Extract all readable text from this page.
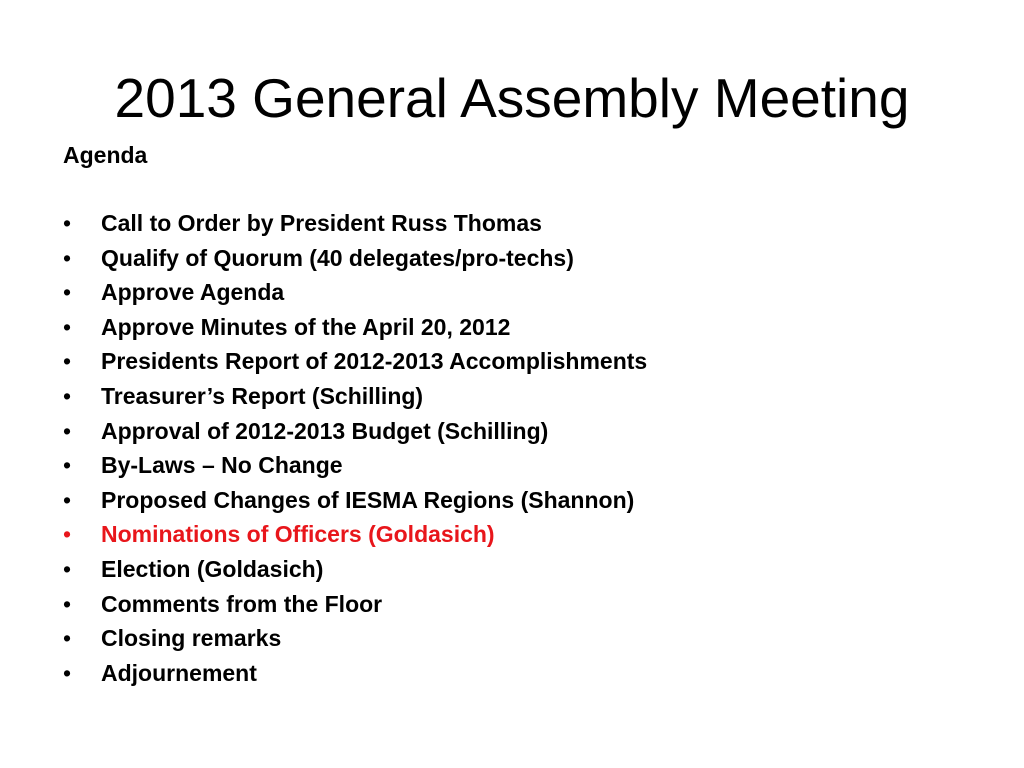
2013 General Assembly Meeting
Agenda
• Call to Order by President Russ Thomas
• Qualify of Quorum (40 delegates/pro-techs)
• Approve Agenda
• Approve Minutes of the April 20, 2012
• Presidents Report of 2012-2013 Accomplishments
• Treasurer’s Report (Schilling)
• Approval of 2012-2013 Budget (Schilling)
• By-Laws – No Change
• Proposed Changes of IESMA Regions (Shannon)
• Nominations of Officers (Goldasich)
• Election (Goldasich)
• Comments from the Floor
• Closing remarks
• Adjournement
